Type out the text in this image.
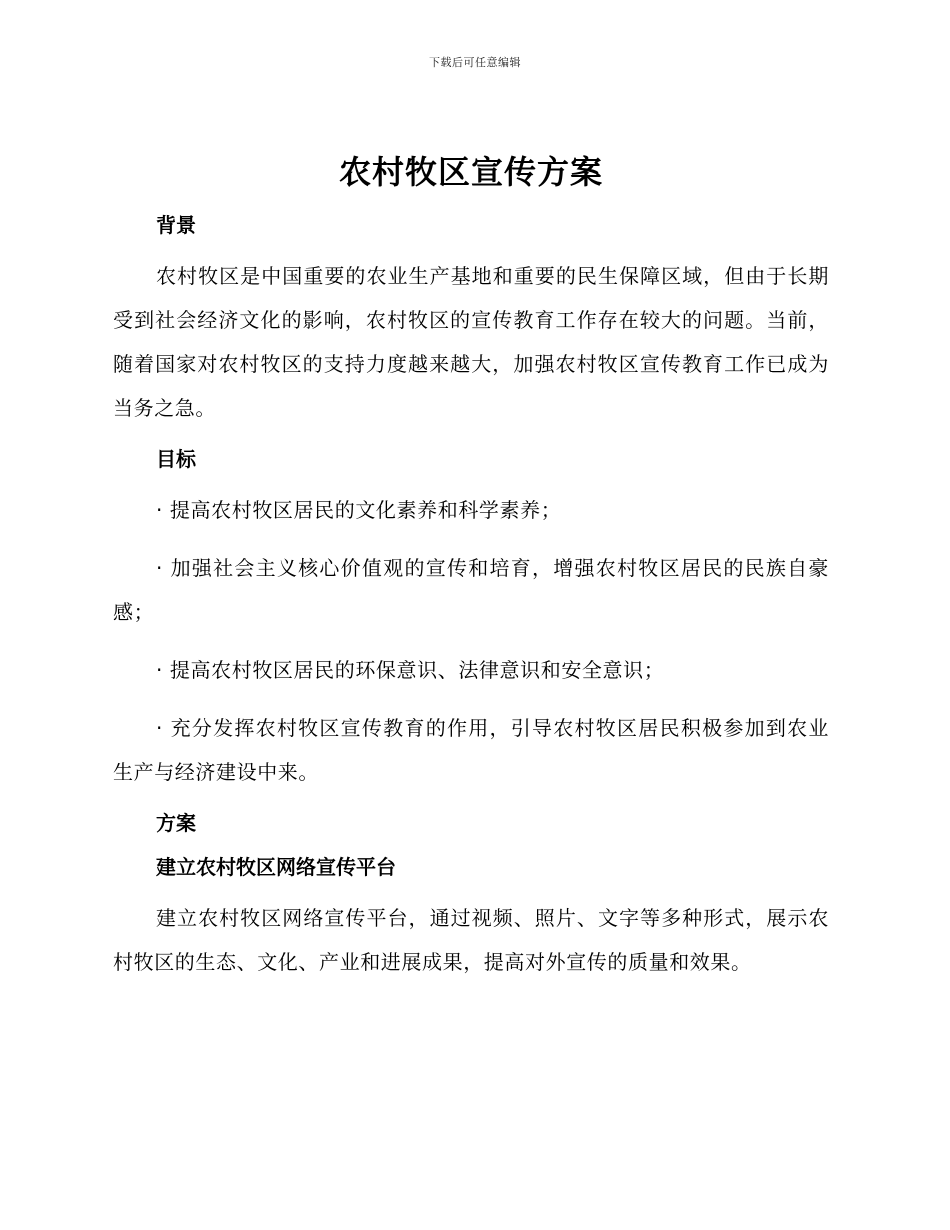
下载后可任意编辑
农村牧区宣传方案
背景

农村牧区是中国重要的农业生产基地和重要的民生保障区域，但由于长期受到社会经济文化的影响，农村牧区的宣传教育工作存在较大的问题。当前，随着国家对农村牧区的支持力度越来越大，加强农村牧区宣传教育工作已成为当务之急。

目标

· 提高农村牧区居民的文化素养和科学素养；

· 加强社会主义核心价值观的宣传和培育，增强农村牧区居民的民族自豪感；

· 提高农村牧区居民的环保意识、法律意识和安全意识；

· 充分发挥农村牧区宣传教育的作用，引导农村牧区居民积极参加到农业生产与经济建设中来。

方案
建立农村牧区网络宣传平台

建立农村牧区网络宣传平台，通过视频、照片、文字等多种形式，展示农村牧区的生态、文化、产业和进展成果，提高对外宣传的质量和效果。
